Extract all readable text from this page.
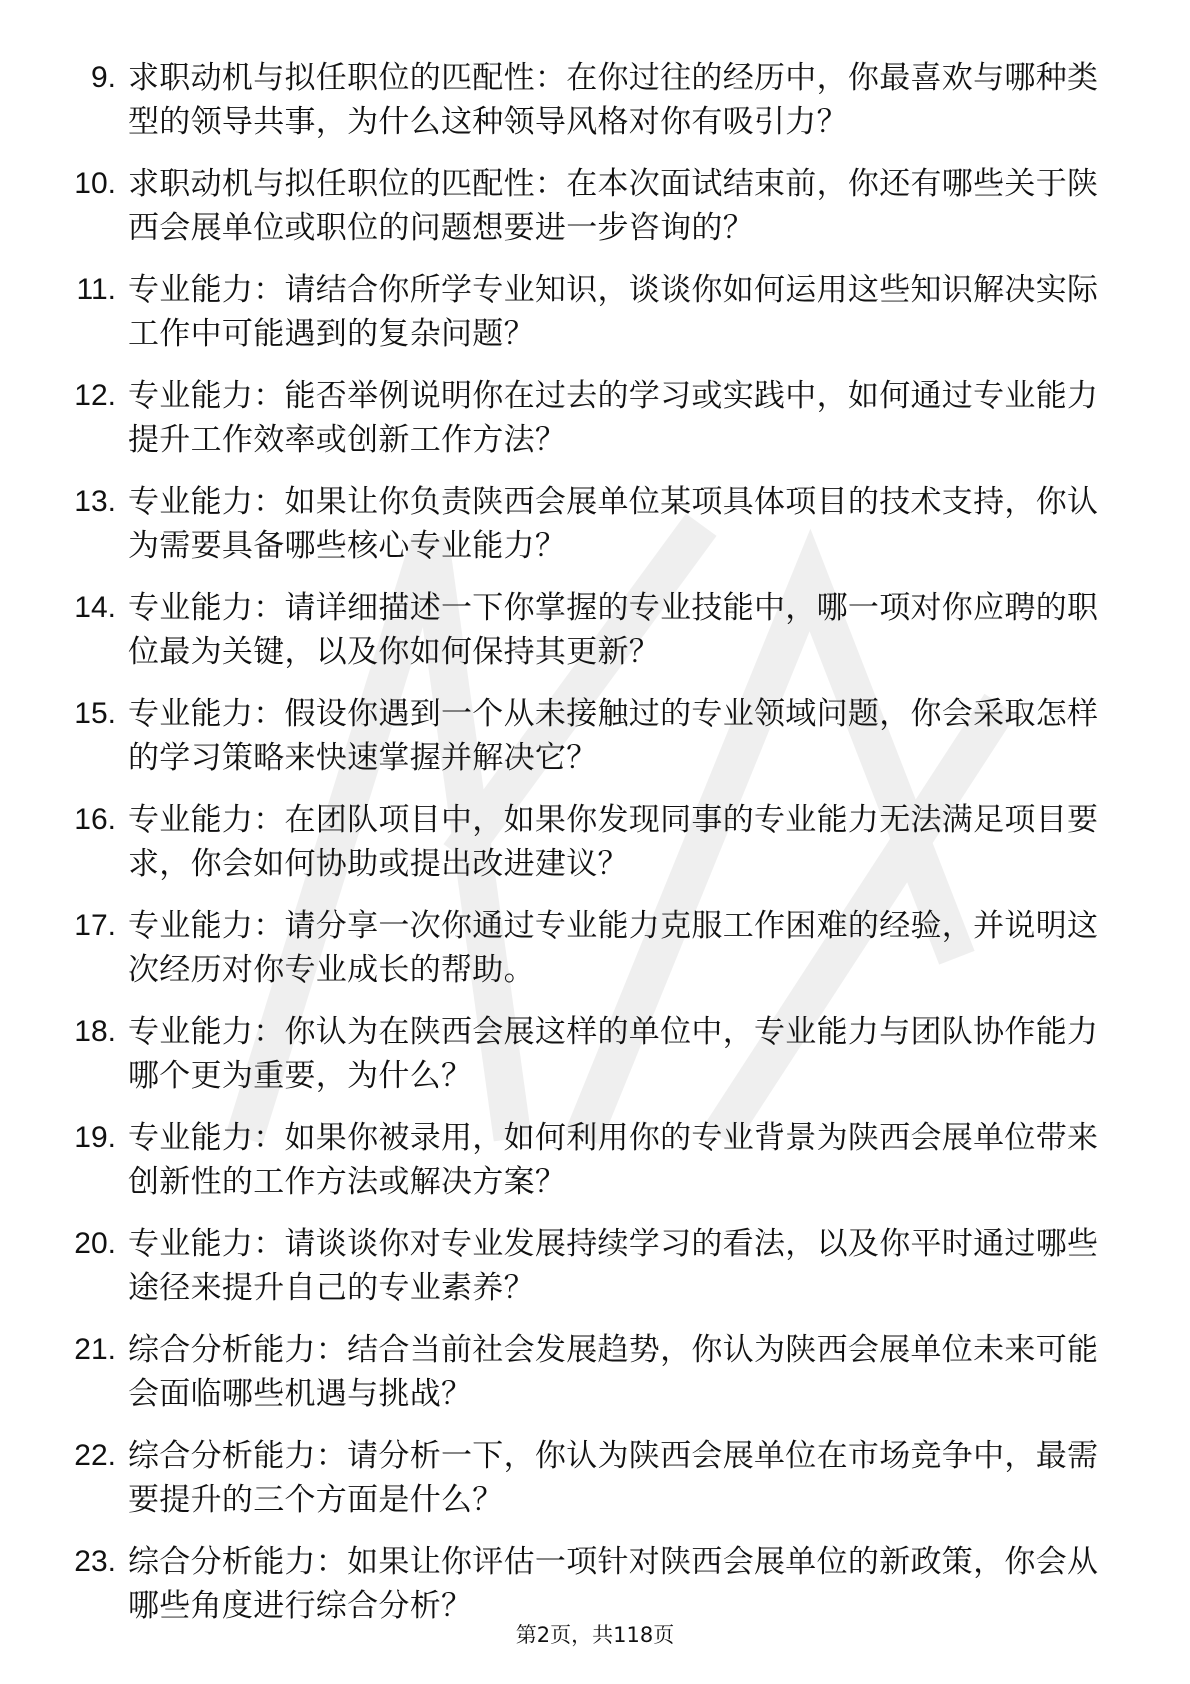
9. 求职动机与拟任职位的匹配性：在你过往的经历中，你最喜欢与哪种类型的领导共事，为什么这种领导风格对你有吸引力？
10. 求职动机与拟任职位的匹配性：在本次面试结束前，你还有哪些关于陕西会展单位或职位的问题想要进一步咨询的？
11. 专业能力：请结合你所学专业知识，谈谈你如何运用这些知识解决实际工作中可能遇到的复杂问题？
12. 专业能力：能否举例说明你在过去的学习或实践中，如何通过专业能力提升工作效率或创新工作方法？
13. 专业能力：如果让你负责陕西会展单位某项具体项目的技术支持，你认为需要具备哪些核心专业能力？
14. 专业能力：请详细描述一下你掌握的专业技能中，哪一项对你应聘的职位最为关键，以及你如何保持其更新？
15. 专业能力：假设你遇到一个从未接触过的专业领域问题，你会采取怎样的学习策略来快速掌握并解决它？
16. 专业能力：在团队项目中，如果你发现同事的专业能力无法满足项目要求，你会如何协助或提出改进建议？
17. 专业能力：请分享一次你通过专业能力克服工作困难的经验，并说明这次经历对你专业成长的帮助。
18. 专业能力：你认为在陕西会展这样的单位中，专业能力与团队协作能力哪个更为重要，为什么？
19. 专业能力：如果你被录用，如何利用你的专业背景为陕西会展单位带来创新性的工作方法或解决方案？
20. 专业能力：请谈谈你对专业发展持续学习的看法，以及你平时通过哪些途径来提升自己的专业素养？
21. 综合分析能力：结合当前社会发展趋势，你认为陕西会展单位未来可能会面临哪些机遇与挑战？
22. 综合分析能力：请分析一下，你认为陕西会展单位在市场竞争中，最需要提升的三个方面是什么？
23. 综合分析能力：如果让你评估一项针对陕西会展单位的新政策，你会从哪些角度进行综合分析？
第2页，共118页
